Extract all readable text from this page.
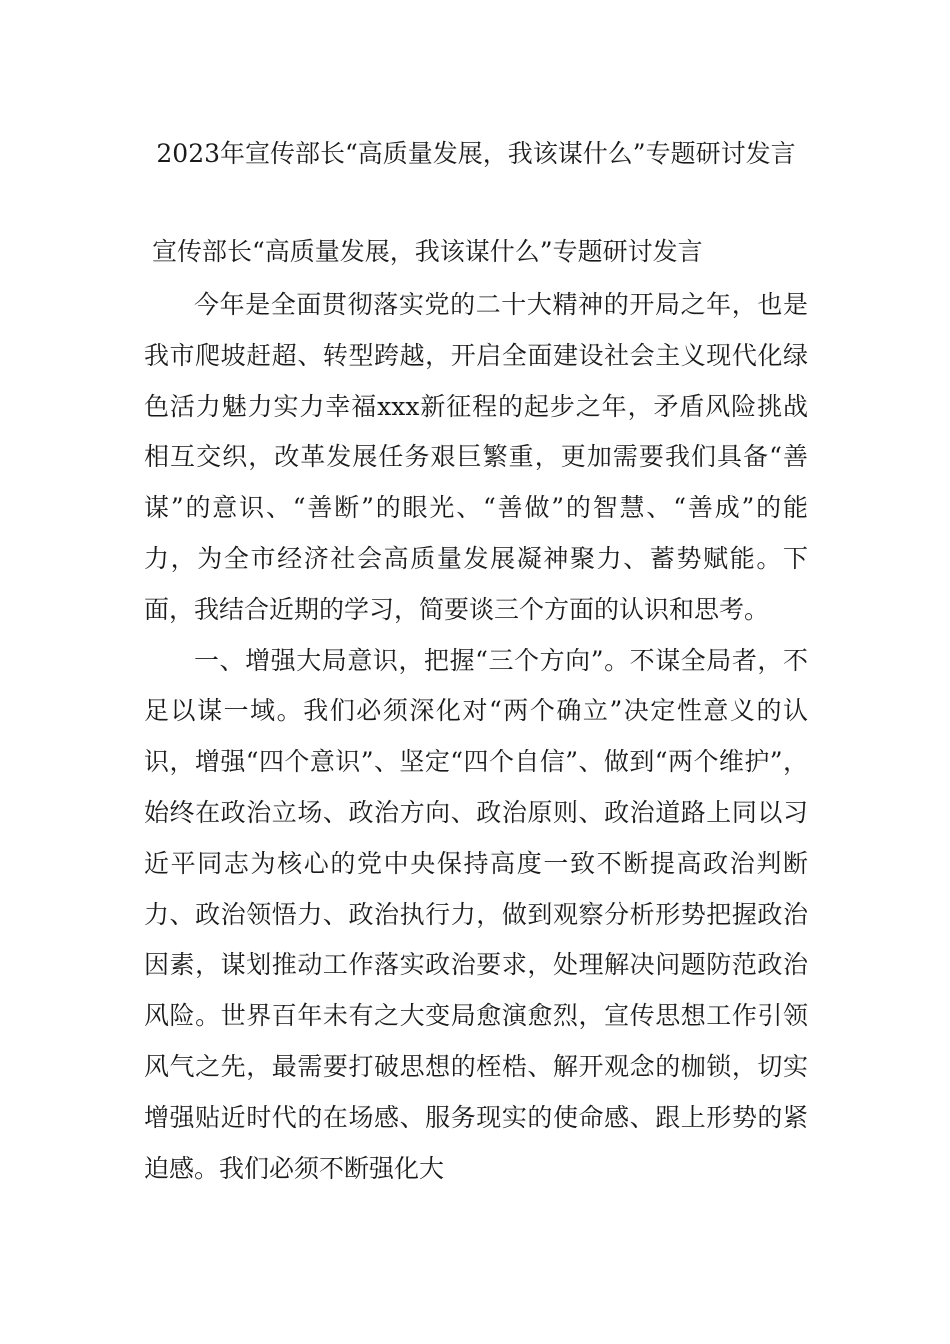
2023年宣传部长“高质量发展，我该谋什么”专题研讨发言
宣传部长“高质量发展，我该谋什么”专题研讨发言

今年是全面贯彻落实党的二十大精神的开局之年，也是我市爬坡赶超、转型跨越，开启全面建设社会主义现代化绿色活力魅力实力幸福xxx新征程的起步之年，矛盾风险挑战相互交织，改革发展任务艰巨繁重，更加需要我们具备“善谋”的意识、“善断”的眼光、“善做”的智慧、“善成”的能力，为全市经济社会高质量发展凝神聚力、蓄势赋能。下面，我结合近期的学习，简要谈三个方面的认识和思考。

一、增强大局意识，把握“三个方向”。不谋全局者，不足以谋一域。我们必须深化对“两个确立”决定性意义的认识，增强“四个意识”、坚定“四个自信”、做到“两个维护”，始终在政治立场、政治方向、政治原则、政治道路上同以习近平同志为核心的党中央保持高度一致不断提高政治判断力、政治领悟力、政治执行力，做到观察分析形势把握政治因素，谋划推动工作落实政治要求，处理解决问题防范政治风险。世界百年未有之大变局愈演愈烈，宣传思想工作引领风气之先，最需要打破思想的桎梏、解开观念的枷锁，切实增强贴近时代的在场感、服务现实的使命感、跟上形势的紧迫感。我们必须不断强化大
